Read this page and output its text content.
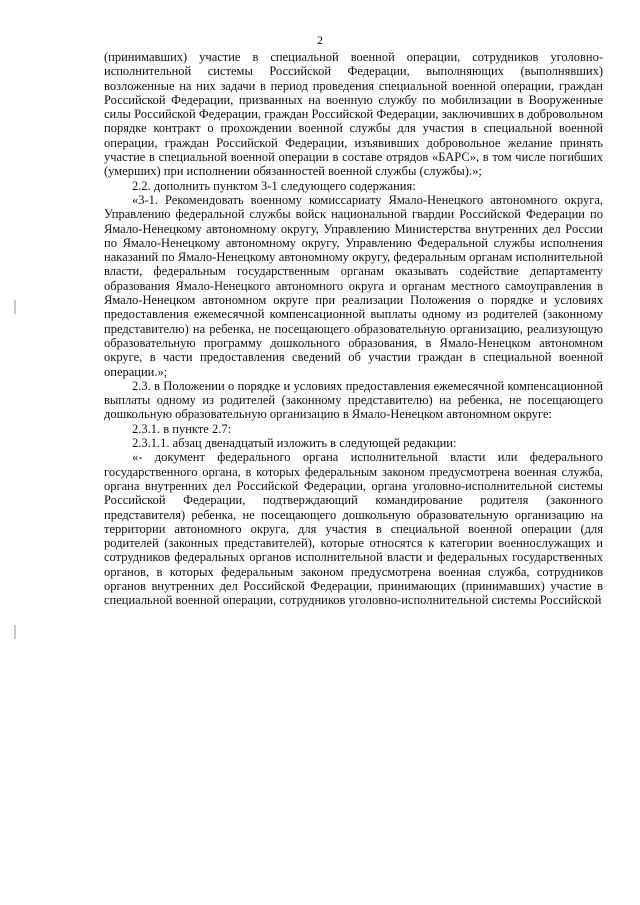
2

(принимавших) участие в специальной военной операции, сотрудников уголовно-исполнительной системы Российской Федерации, выполняющих (выполнявших) возложенные на них задачи в период проведения специальной военной операции, граждан Российской Федерации, призванных на военную службу по мобилизации в Вооруженные силы Российской Федерации, граждан Российской Федерации, заключивших в добровольном порядке контракт о прохождении военной службы для участия в специальной военной операции, граждан Российской Федерации, изъявивших добровольное желание принять участие в специальной военной операции в составе отрядов «БАРС», в том числе погибших (умерших) при исполнении обязанностей военной службы (службы).»;

2.2. дополнить пунктом 3-1 следующего содержания:

«3-1. Рекомендовать военному комиссариату Ямало-Ненецкого автономного округа, Управлению федеральной службы войск национальной гвардии Российской Федерации по Ямало-Ненецкому автономному округу, Управлению Министерства внутренних дел России по Ямало-Ненецкому автономному округу, Управлению Федеральной службы исполнения наказаний по Ямало-Ненецкому автономному округу, федеральным органам исполнительной власти, федеральным государственным органам оказывать содействие департаменту образования Ямало-Ненецкого автономного округа и органам местного самоуправления в Ямало-Ненецком автономном округе при реализации Положения о порядке и условиях предоставления ежемесячной компенсационной выплаты одному из родителей (законному представителю) на ребенка, не посещающего образовательную организацию, реализующую образовательную программу дошкольного образования, в Ямало-Ненецком автономном округе, в части предоставления сведений об участии граждан в специальной военной операции.»;

2.3. в Положении о порядке и условиях предоставления ежемесячной компенсационной выплаты одному из родителей (законному представителю) на ребенка, не посещающего дошкольную образовательную организацию в Ямало-Ненецком автономном округе:

2.3.1. в пункте 2.7:

2.3.1.1. абзац двенадцатый изложить в следующей редакции:

«- документ федерального органа исполнительной власти или федерального государственного органа, в которых федеральным законом предусмотрена военная служба, органа внутренних дел Российской Федерации, органа уголовно-исполнительной системы Российской Федерации, подтверждающий командирование родителя (законного представителя) ребенка, не посещающего дошкольную образовательную организацию на территории автономного округа, для участия в специальной военной операции (для родителей (законных представителей), которые относятся к категории военнослужащих и сотрудников федеральных органов исполнительной власти и федеральных государственных органов, в которых федеральным законом предусмотрена военная служба, сотрудников органов внутренних дел Российской Федерации, принимающих (принимавших) участие в специальной военной операции, сотрудников уголовно-исполнительной системы Российской
